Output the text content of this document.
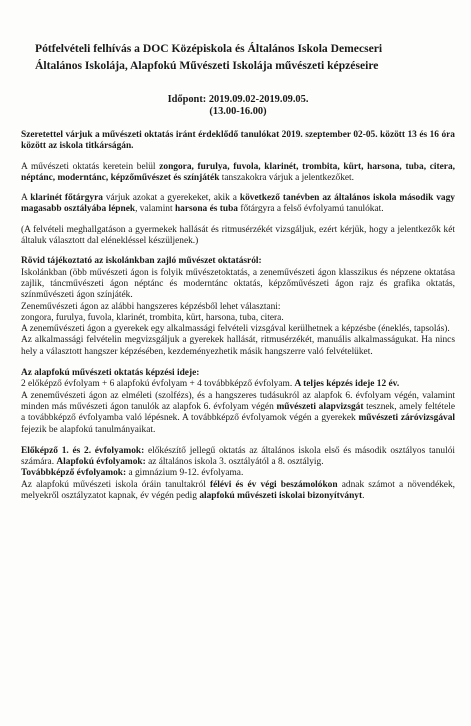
Pótfelvételi felhívás a DOC Középiskola és Általános Iskola Demecseri
Általános Iskolája, Alapfokú Művészeti Iskolája művészeti képzéseire
Időpont: 2019.09.02-2019.09.05.
(13.00-16.00)

Szeretettel várjuk a művészeti oktatás iránt érdeklődő tanulókat 2019. szeptember 02-05. között 13 és 16 óra között az iskola titkárságán.

A művészeti oktatás keretein belül zongora, furulya, fuvola, klarinét, trombita, kürt, harsona, tuba, citera, néptánc, moderntánc, képzőművészet és színjáték tanszakokra várjuk a jelentkezőket.

A klarinét főtárgyra várjuk azokat a gyerekeket, akik a következő tanévben az általános iskola második vagy magasabb osztályába lépnek, valamint harsona és tuba főtárgyra a felső évfolyamú tanulókat.

(A felvételi meghallgatáson a gyermekek hallását és ritmusérzékét vizsgáljuk, ezért kérjük, hogy a jelentkezők két általuk választott dal elénekléssel készüljenek.)

Rövid tájékoztató az iskolánkban zajló művészet oktatásról:

Iskolánkban (öbb művészeti ágon is folyik művészetoktatás, a zeneművészeti ágon klasszikus és népzene oktatása zajlik, táncművészeti ágon néptánc és moderntánc oktatás, képzőművészeti ágon rajz és grafika oktatás, színművészeti ágon színjáték.

Zeneművészeti ágon az alábbi hangszeres képzésből lehet választani:

zongora, furulya, fuvola, klarinét, trombita, kürt, harsona, tuba, citera.

A zeneművészeti ágon a gyerekek egy alkalmassági felvételi vizsgával kerülhetnek a képzésbe (éneklés, tapsolás).

Az alkalmassági felvételin megvizsgáljuk a gyerekek hallását, ritmusérzékét, manuális alkalmasságukat. Ha nincs hely a választott hangszer képzésében, kezdeményezhetik másik hangszerre való felvételüket.

Az alapfokú művészeti oktatás képzési ideje:

2 előképző évfolyam + 6 alapfokú évfolyam + 4 továbbképző évfolyam. A teljes képzés ideje 12 év.

A zeneművészeti ágon az elméleti (szolfézs), és a hangszeres tudásukról az alapfok 6. évfolyam végén, valamint minden más művészeti ágon tanulók az alapfok 6. évfolyam végén művészeti alapvizsgát tesznek, amely feltétele a továbbképző évfolyamba való lépésnek. A továbbképző évfolyamok végén a gyerekek művészeti záróvizsgával fejezik be alapfokú tanulmányaikat.

Előképző 1. és 2. évfolyamok: előkészítő jellegű oktatás az általános iskola első és második osztályos tanulói számára. Alapfokú évfolyamok: az általános iskola 3. osztályától a 8. osztályig.

Továbbképző évfolyamok: a gimnázium 9-12. évfolyama.

Az alapfokú művészeti iskola óráin tanultakról félévi és év végi beszámolókon adnak számot a növendékek, melyekről osztályzatot kapnak, év végén pedig alapfokú művészeti iskolai bizonyítványt.
